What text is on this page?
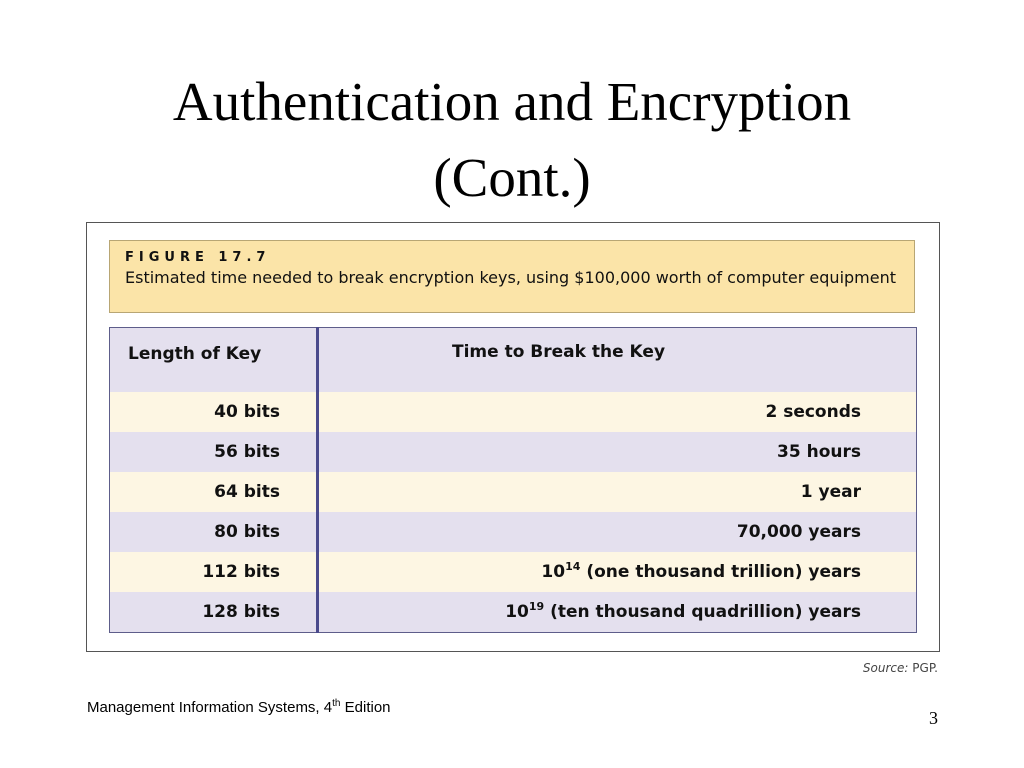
Authentication and Encryption
(Cont.)
FIGURE 17.7
Estimated time needed to break encryption keys, using $100,000 worth of computer equipment
Length of Key	Time to Break the Key
40 bits	2 seconds
56 bits	35 hours
64 bits	1 year
80 bits	70,000 years
112 bits	$10^{14}$ (one thousand trillion) years
128 bits	$10^{19}$ (ten thousand quadrillion) years
Source: PGP.
Management Information Systems, 4th Edition
3
